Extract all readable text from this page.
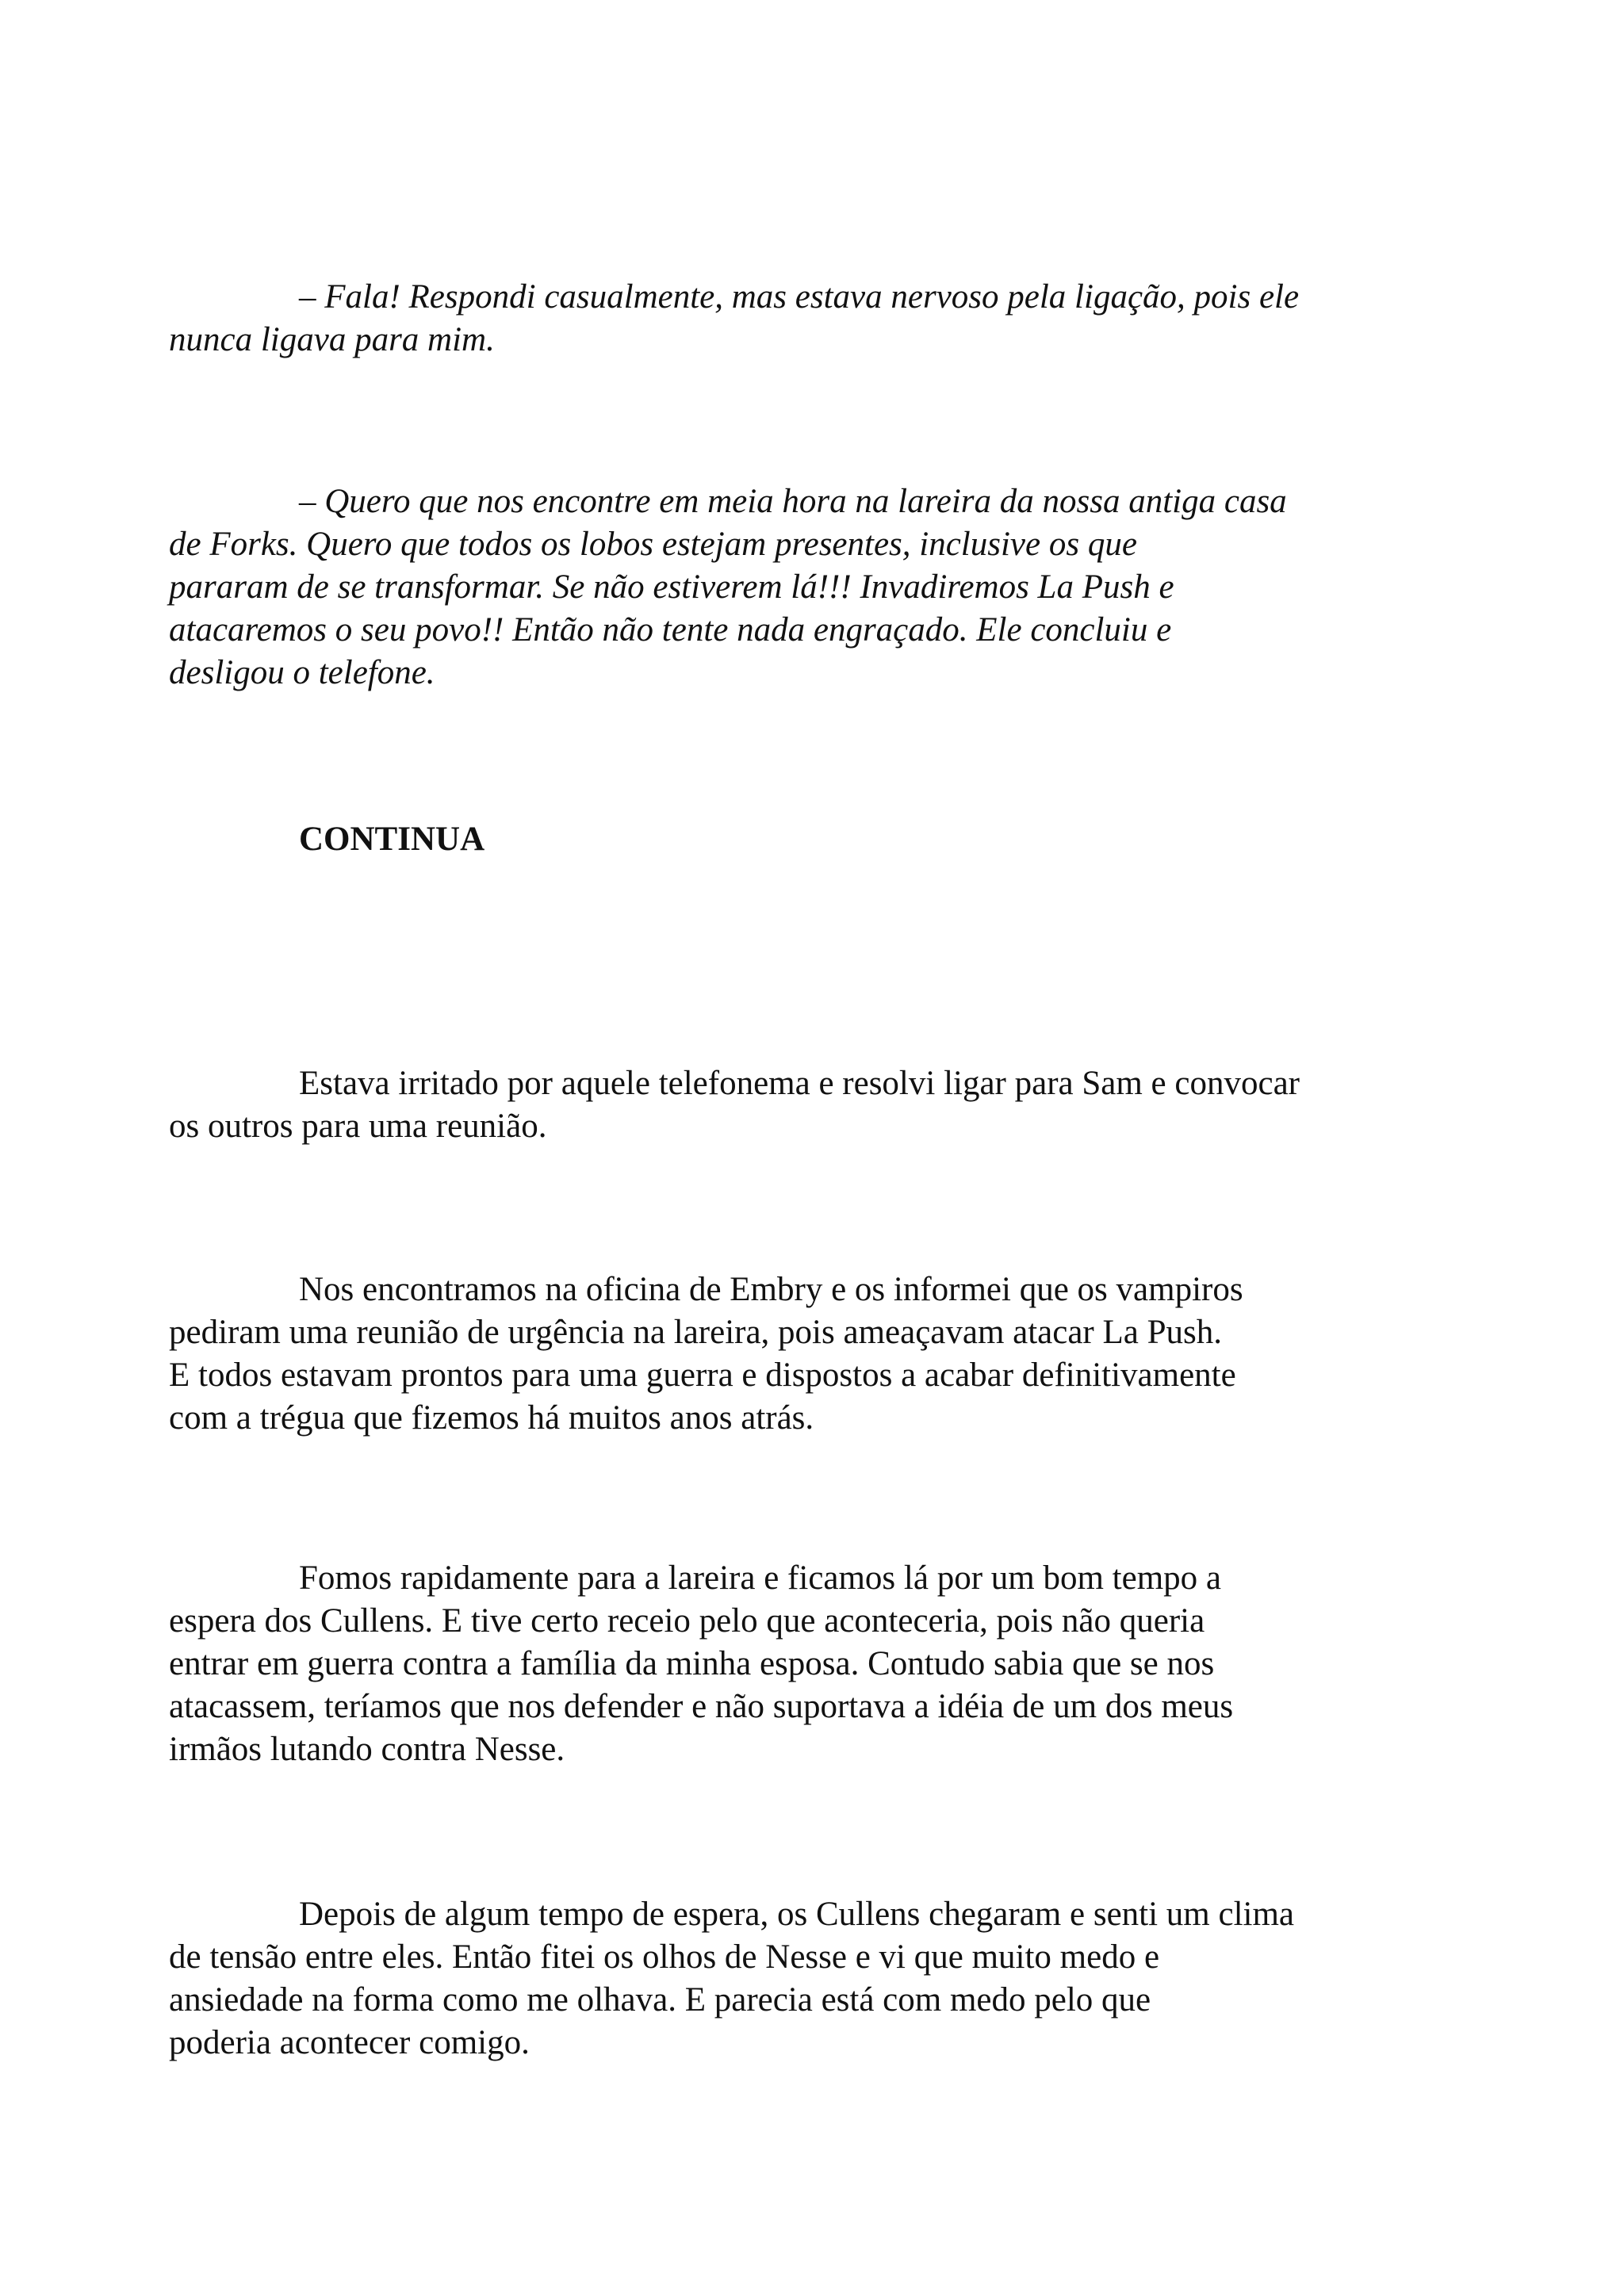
– Fala! Respondi casualmente, mas estava nervoso pela ligação, pois ele
nunca ligava para mim.
– Quero que nos encontre em meia hora na lareira da nossa antiga casa
de Forks. Quero que todos os lobos estejam presentes, inclusive os que
pararam de se transformar. Se não estiverem lá!!! Invadiremos La Push e
atacaremos o seu povo!! Então não tente nada engraçado. Ele concluiu e
desligou o telefone.
CONTINUA
Estava irritado por aquele telefonema e resolvi ligar para Sam e convocar
os outros para uma reunião.
Nos encontramos na oficina de Embry e os informei que os vampiros
pediram uma reunião de urgência na lareira, pois ameaçavam atacar La Push.
E todos estavam prontos para uma guerra e dispostos a acabar definitivamente
com a trégua que fizemos há muitos anos atrás.
Fomos rapidamente para a lareira e ficamos lá por um bom tempo a
espera dos Cullens. E tive certo receio pelo que aconteceria, pois não queria
entrar em guerra contra a família da minha esposa. Contudo sabia que se nos
atacassem, teríamos que nos defender e não suportava a idéia de um dos meus
irmãos lutando contra Nesse.
Depois de algum tempo de espera, os Cullens chegaram e senti um clima
de tensão entre eles. Então fitei os olhos de Nesse e vi que muito medo e
ansiedade na forma como me olhava. E parecia está com medo pelo que
poderia acontecer comigo.
